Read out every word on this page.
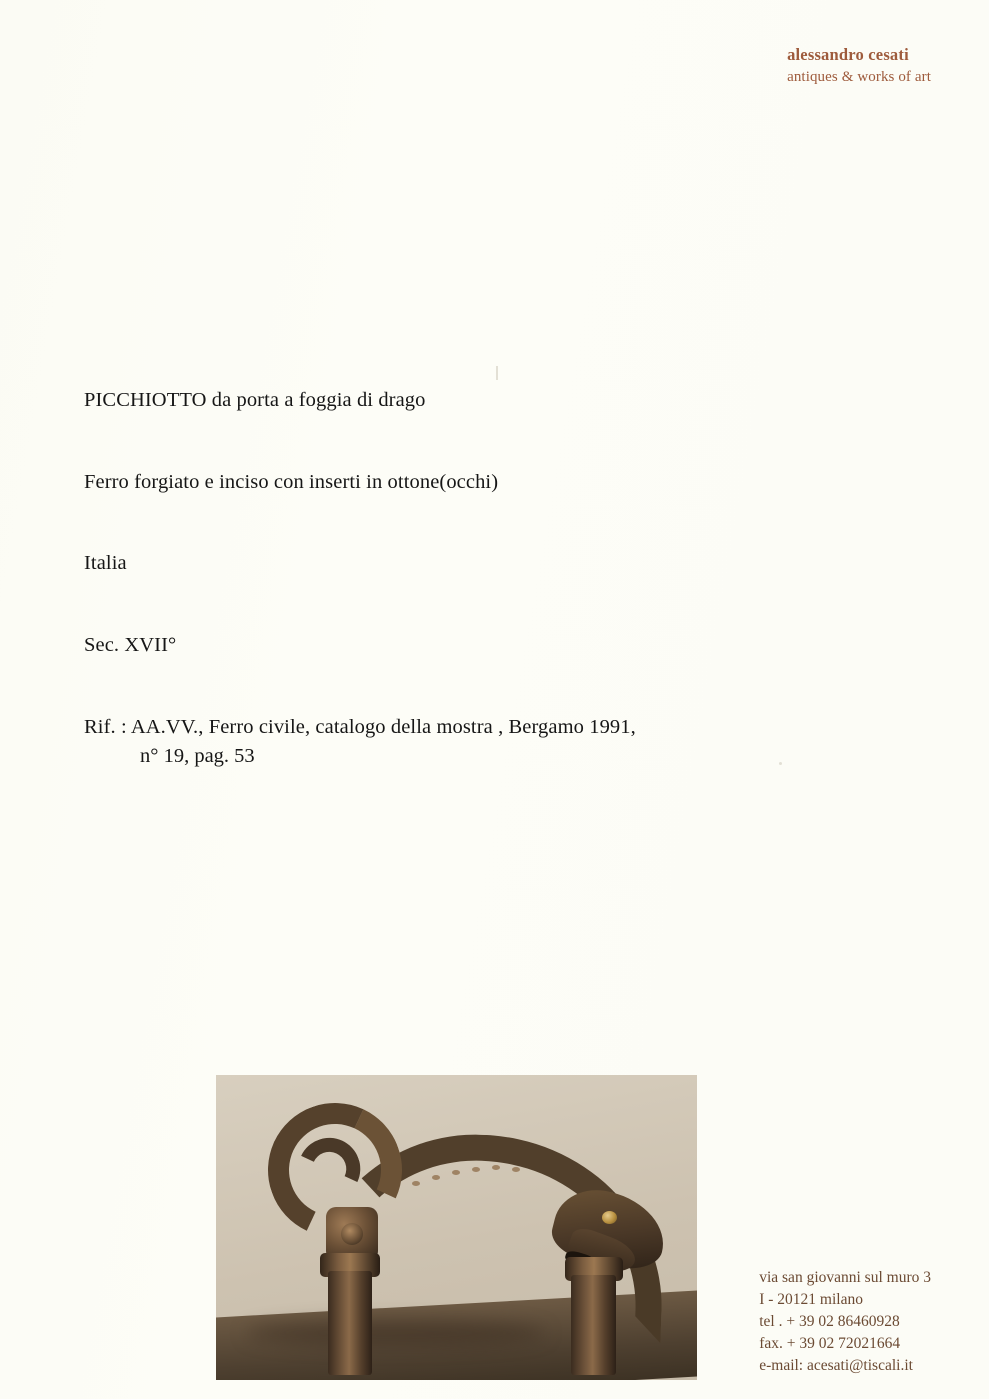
alessandro cesati
antiques & works of art

PICCHIOTTO da porta a foggia di drago

Ferro forgiato e inciso con inserti in ottone(occhi)

Italia

Sec. XVII°

Rif. : AA.VV., Ferro civile, catalogo della mostra , Bergamo 1991,

n° 19, pag. 53

via san giovanni sul muro 3
I - 20121 milano
tel . + 39 02 86460928
fax. + 39 02 72021664
e-mail: acesati@tiscali.it
